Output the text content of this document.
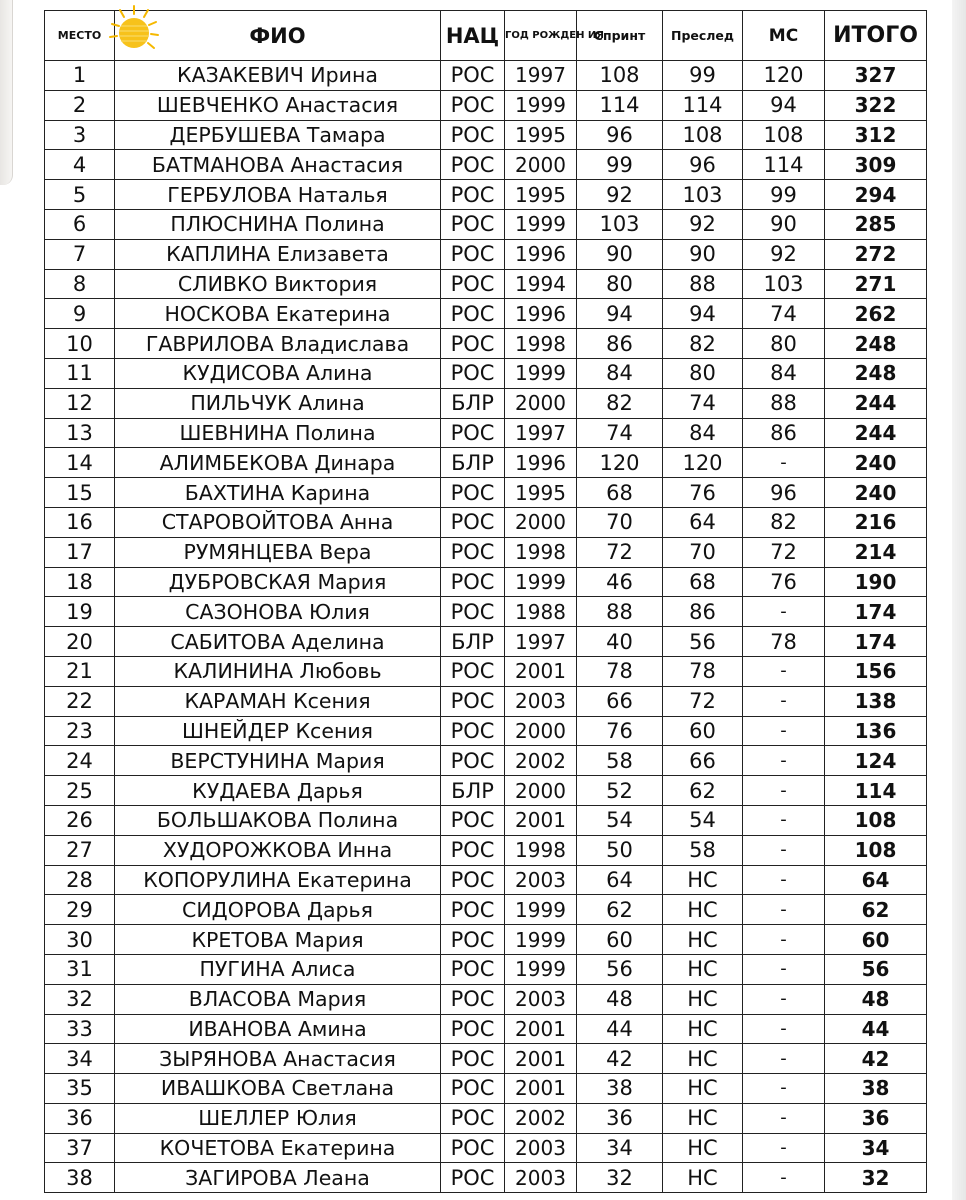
МЕСТО	ФИО	НАЦ	ГОД РОЖДЕН ИЯ	Спринт	Преслед	МС	ИТОГО
1	КАЗАКЕВИЧ Ирина	РОС	1997	108	99	120	327
2	ШЕВЧЕНКО Анастасия	РОС	1999	114	114	94	322
3	ДЕРБУШЕВА Тамара	РОС	1995	96	108	108	312
4	БАТМАНОВА Анастасия	РОС	2000	99	96	114	309
5	ГЕРБУЛОВА Наталья	РОС	1995	92	103	99	294
6	ПЛЮСНИНА Полина	РОС	1999	103	92	90	285
7	КАПЛИНА Елизавета	РОС	1996	90	90	92	272
8	СЛИВКО Виктория	РОС	1994	80	88	103	271
9	НОСКОВА Екатерина	РОС	1996	94	94	74	262
10	ГАВРИЛОВА Владислава	РОС	1998	86	82	80	248
11	КУДИСОВА Алина	РОС	1999	84	80	84	248
12	ПИЛЬЧУК Алина	БЛР	2000	82	74	88	244
13	ШЕВНИНА Полина	РОС	1997	74	84	86	244
14	АЛИМБЕКОВА Динара	БЛР	1996	120	120	-	240
15	БАХТИНА Карина	РОС	1995	68	76	96	240
16	СТАРОВОЙТОВА Анна	РОС	2000	70	64	82	216
17	РУМЯНЦЕВА Вера	РОС	1998	72	70	72	214
18	ДУБРОВСКАЯ Мария	РОС	1999	46	68	76	190
19	САЗОНОВА Юлия	РОС	1988	88	86	-	174
20	САБИТОВА Аделина	БЛР	1997	40	56	78	174
21	КАЛИНИНА Любовь	РОС	2001	78	78	-	156
22	КАРАМАН Ксения	РОС	2003	66	72	-	138
23	ШНЕЙДЕР Ксения	РОС	2000	76	60	-	136
24	ВЕРСТУНИНА Мария	РОС	2002	58	66	-	124
25	КУДАЕВА Дарья	БЛР	2000	52	62	-	114
26	БОЛЬШАКОВА Полина	РОС	2001	54	54	-	108
27	ХУДОРОЖКОВА Инна	РОС	1998	50	58	-	108
28	КОПОРУЛИНА Екатерина	РОС	2003	64	НС	-	64
29	СИДОРОВА Дарья	РОС	1999	62	НС	-	62
30	КРЕТОВА Мария	РОС	1999	60	НС	-	60
31	ПУГИНА Алиса	РОС	1999	56	НС	-	56
32	ВЛАСОВА Мария	РОС	2003	48	НС	-	48
33	ИВАНОВА Амина	РОС	2001	44	НС	-	44
34	ЗЫРЯНОВА Анастасия	РОС	2001	42	НС	-	42
35	ИВАШКОВА Светлана	РОС	2001	38	НС	-	38
36	ШЕЛЛЕР Юлия	РОС	2002	36	НС	-	36
37	КОЧЕТОВА Екатерина	РОС	2003	34	НС	-	34
38	ЗАГИРОВА Леана	РОС	2003	32	НС	-	32
